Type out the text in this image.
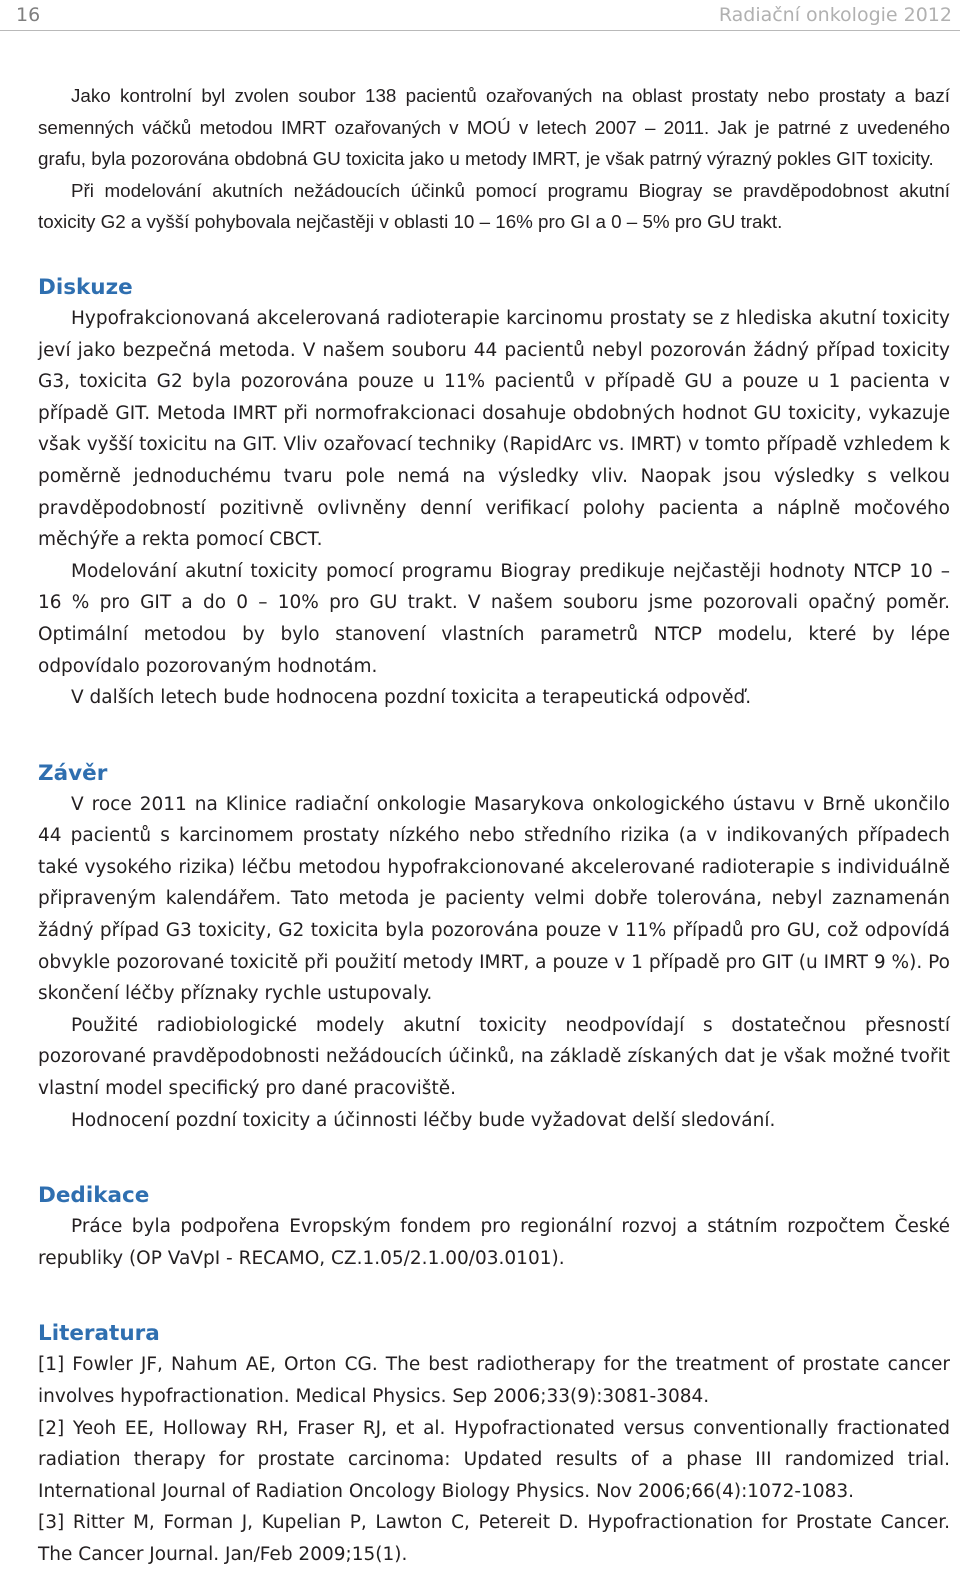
16	Radiační onkologie 2012

Jako kontrolní byl zvolen soubor 138 pacientů ozařovaných na oblast prostaty nebo prostaty a bazí semenných váčků metodou IMRT ozařovaných v MOÚ v letech 2007 – 2011. Jak je patrné z uvedeného grafu, byla pozorována obdobná GU toxicita jako u metody IMRT, je však patrný výrazný pokles GIT toxicity.

Při modelování akutních nežádoucích účinků pomocí programu Biogray se pravděpodobnost akutní toxicity G2 a vyšší pohybovala nejčastěji v oblasti 10 – 16% pro GI a 0 – 5% pro GU trakt.

Diskuze

Hypofrakcionovaná akcelerovaná radioterapie karcinomu prostaty se z hlediska akutní toxicity jeví jako bezpečná metoda. V našem souboru 44 pacientů nebyl pozorován žádný případ toxicity G3, toxicita G2 byla pozorována pouze u 11% pacientů v případě GU a pouze u 1 pacienta v případě GIT. Metoda IMRT při normofrakcionaci dosahuje obdobných hodnot GU toxicity, vykazuje však vyšší toxicitu na GIT. Vliv ozařovací techniky (RapidArc vs. IMRT) v tomto případě vzhledem k poměrně jednoduchému tvaru pole nemá na výsledky vliv. Naopak jsou výsledky s velkou pravděpodobností pozitivně ovlivněny denní verifikací polohy pacienta a náplně močového měchýře a rekta pomocí CBCT.

Modelování akutní toxicity pomocí programu Biogray predikuje nejčastěji hodnoty NTCP 10 – 16 % pro GIT a do 0 – 10% pro GU trakt. V našem souboru jsme pozorovali opačný poměr. Optimální metodou by bylo stanovení vlastních parametrů NTCP modelu, které by lépe odpovídalo pozorovaným hodnotám.

V dalších letech bude hodnocena pozdní toxicita a terapeutická odpověď.

Závěr

V roce 2011 na Klinice radiační onkologie Masarykova onkologického ústavu v Brně ukončilo 44 pacientů s karcinomem prostaty nízkého nebo středního rizika (a v indikovaných případech také vysokého rizika) léčbu metodou hypofrakcionované akcelerované radioterapie s individuálně připraveným kalendářem. Tato metoda je pacienty velmi dobře tolerována, nebyl zaznamenán žádný případ G3 toxicity, G2 toxicita byla pozorována pouze v 11% případů pro GU, což odpovídá obvykle pozorované toxicitě při použití metody IMRT, a pouze v 1 případě pro GIT (u IMRT 9 %). Po skončení léčby příznaky rychle ustupovaly.

Použité radiobiologické modely akutní toxicity neodpovídají s dostatečnou přesností pozorované pravděpodobnosti nežádoucích účinků, na základě získaných dat je však možné tvořit vlastní model specifický pro dané pracoviště.

Hodnocení pozdní toxicity a účinnosti léčby bude vyžadovat delší sledování.

Dedikace

Práce byla podpořena Evropským fondem pro regionální rozvoj a státním rozpočtem České republiky (OP VaVpI - RECAMO, CZ.1.05/2.1.00/03.0101).

Literatura

[1] Fowler JF, Nahum AE, Orton CG. The best radiotherapy for the treatment of prostate cancer involves hypofractionation. Medical Physics. Sep 2006;33(9):3081-3084.

[2] Yeoh EE, Holloway RH, Fraser RJ, et al. Hypofractionated versus conventionally fractionated radiation therapy for prostate carcinoma: Updated results of a phase III randomized trial. International Journal of Radiation Oncology Biology Physics. Nov 2006;66(4):1072-1083.

[3] Ritter M, Forman J, Kupelian P, Lawton C, Petereit D. Hypofractionation for Prostate Cancer. The Cancer Journal. Jan/Feb 2009;15(1).
